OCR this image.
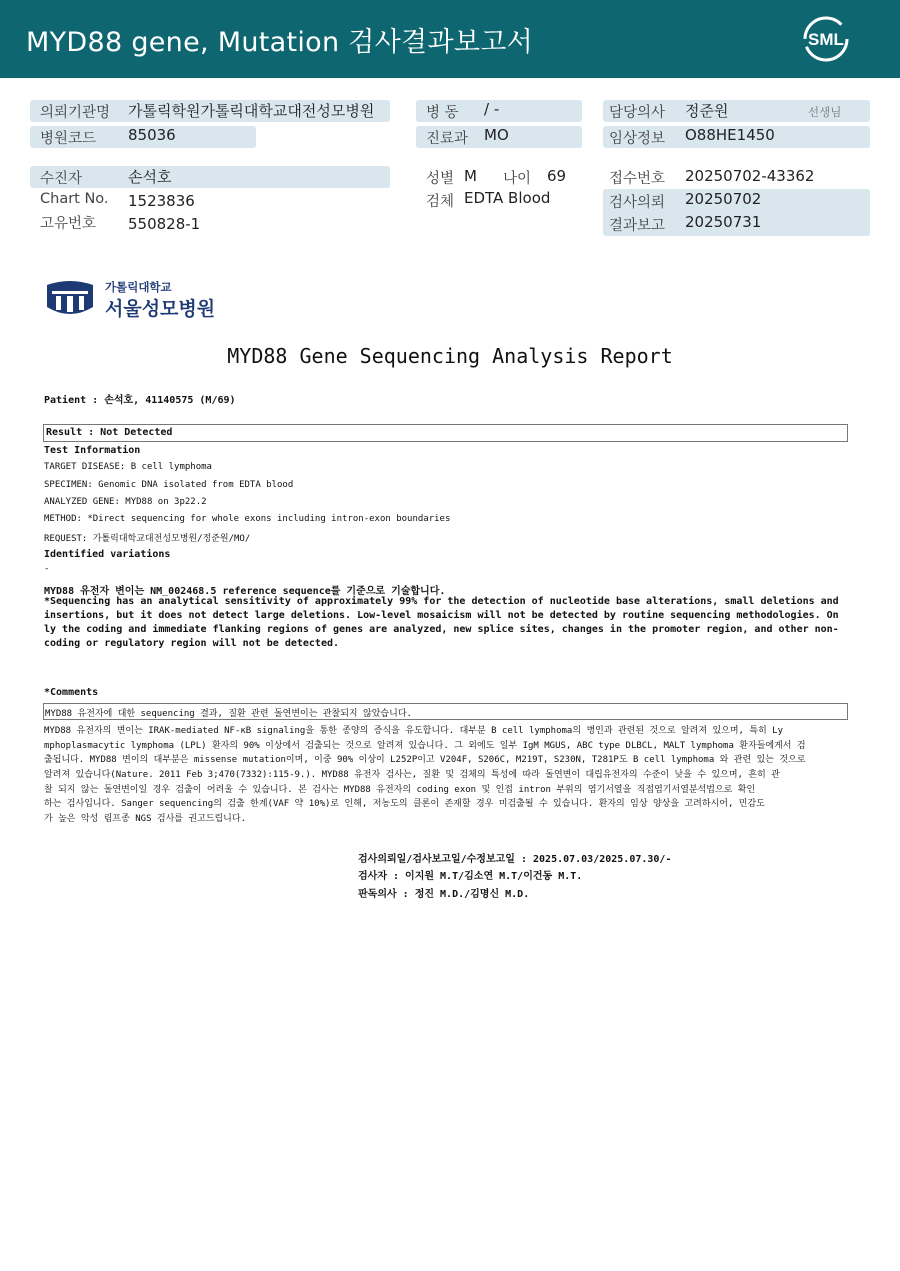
MYD88 gene, Mutation 검사결과보고서	SML
의뢰기관명 가톨릭학원가톨릭대학교대전성모병원
병원코드 85036
병 동 / -
진료과 MO
담당의사 정준원	선생님
임상정보 O88HE1450
수진자	손석호
Chart No. 1523836
고유번호 550828-1
성별 M 나이 69
검체 EDTA Blood
접수번호 20250702-43362
검사의뢰 20250702
결과보고 20250731
가톨릭대학교
서울성모병원
MYD88 Gene Sequencing Analysis Report
Patient : 손석호, 41140575 (M/69)
Result : Not Detected
Test Information
TARGET DISEASE: B cell lymphoma
SPECIMEN: Genomic DNA isolated from EDTA blood
ANALYZED GENE: MYD88 on 3p22.2
METHOD: *Direct sequencing for whole exons including intron-exon boundaries
REQUEST: 가톨릭대학교대전성모병원/정준원/MO/
Identified variations
-
MYD88 유전자 변이는 NM_002468.5 reference sequence를 기준으로 기술합니다.
*Sequencing has an analytical sensitivity of approximately 99% for the detection of nucleotide base alterations, small deletions and
insertions, but it does not detect large deletions. Low-level mosaicism will not be detected by routine sequencing methodologies. On
ly the coding and immediate flanking regions of genes are analyzed, new splice sites, changes in the promoter region, and other non-
coding or regulatory region will not be detected.
*Comments
MYD88 유전자에 대한 sequencing 결과, 질환 관련 돌연변이는 관찰되지 않았습니다.
MYD88 유전자의 변이는 IRAK-mediated NF-κB signaling을 통한 종양의 증식을 유도합니다. 대부분 B cell lymphoma의 병인과 관련된 것으로 알려져 있으며, 특히 Ly
mphoplasmacytic lymphoma (LPL) 환자의 90% 이상에서 검출되는 것으로 알려져 있습니다. 그 외에도 일부 IgM MGUS, ABC type DLBCL, MALT lymphoma 환자들에게서 검
출됩니다. MYD88 변이의 대부분은 missense mutation이며, 이중 90% 이상이 L252P이고 V204F, S206C, M219T, S230N, T281P도 B cell lymphoma 와 관련 있는 것으로
알려져 있습니다(Nature. 2011 Feb 3;470(7332):115-9.). MYD88 유전자 검사는, 질환 및 검체의 특성에 따라 돌연변이 대립유전자의 수준이 낮을 수 있으며, 흔히 관
찰 되지 않는 돌연변이일 경우 검출이 어려울 수 있습니다. 본 검사는 MYD88 유전자의 coding exon 및 인접 intron 부위의 염기서열을 직접염기서열분석법으로 확인
하는 검사입니다. Sanger sequencing의 검출 한계(VAF 약 10%)로 인해, 저농도의 클론이 존재할 경우 미검출될 수 있습니다. 환자의 임상 양상을 고려하시어, 민감도
가 높은 악성 림프종 NGS 검사를 권고드립니다.
검사의뢰일/검사보고일/수정보고일 : 2025.07.03/2025.07.30/-
검사자 : 이지원 M.T/김소연 M.T/이건동 M.T.
판독의사 : 정진 M.D./김명신 M.D.
